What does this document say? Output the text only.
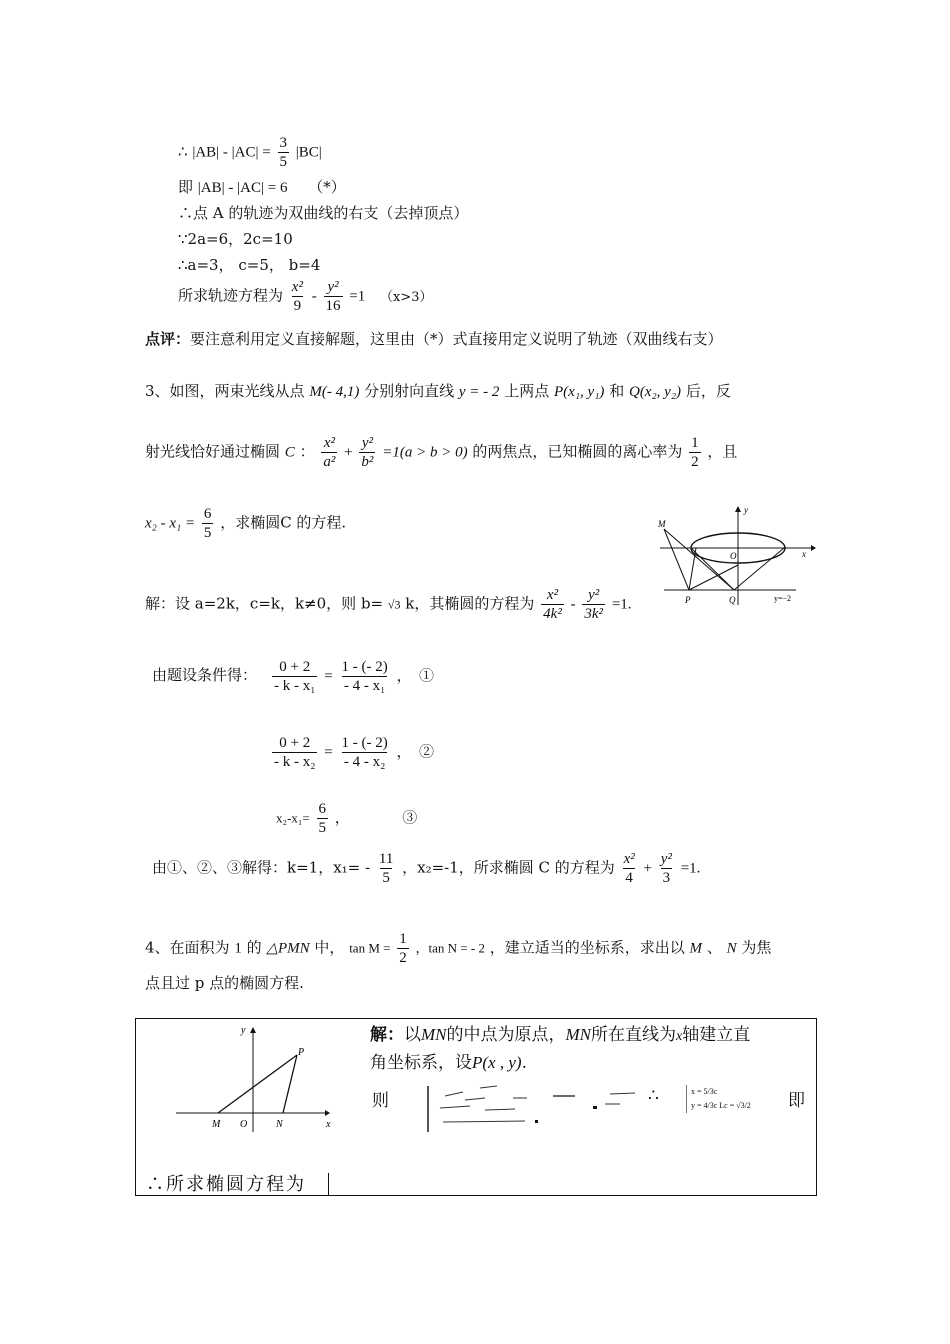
∴ $|AB| - |AC| = \frac{3}{5} |BC|$
即 |AB| - |AC| = 6 （*）
∴点 A 的轨迹为双曲线的右支（去掉顶点）
∵2a=6，2c=10
∴a=3， c=5， b=4
所求轨迹方程为 $\frac{\text{x²}}{9} - \frac{\text{y²}}{16} =1$ （x>3）
点评：要注意利用定义直接解题，这里由（*）式直接用定义说明了轨迹（双曲线右支）
3、如图，两束光线从点 M(- 4,1) 分别射向直线 y = - 2 上两点 P(x₁, y₁) 和 Q(x₂, y₂) 后，反
射光线恰好通过椭圆 C ： $\frac{\text{x²}}{\text{a²}} + \frac{\text{y²}}{\text{b²}} =1(a > b > 0)$ 的两焦点，已知椭圆的离心率为 $\frac{1}{2}$ ，且
$x_2 - x_1 = \frac{6}{5}$ ，求椭圆C 的方程.
解：设 a=2k，c=k，k≠0，则 b= √3 k，其椭圆的方程为 $\frac{\text{x²}}{\text{4k²}} - \frac{\text{y²}}{\text{3k²}} =1$.
M
y
x
O
P	Q	y=−2
由题设条件得： $\frac{0 + 2}{\text{- k - x₁}} = \frac{1 - (- 2)}{\text{- 4 - x₁}}$ ，　①
$\frac{0 + 2}{\text{- k - x₂}} = \frac{1 - (- 2)}{\text{- 4 - x₂}}$ ，　②
$x_2-x_1= \frac{6}{5}$ ，　　　　③
由①、②、③解得：k=1，$x_1= - \frac{11}{5}$ ，x₂=-1，所求椭圆 C 的方程为 $\frac{\text{x²}}{4} + \frac{\text{y²}}{3} =1$.
4、在面积为 1 的 △PMN 中， $\tan M = \frac{1}{2}$ ，tan N = - 2 ，建立适当的坐标系，求出以 M 、 N 为焦
点且过 p 点的椭圆方程.
y
x
P
M O	N
解：以MN的中点为原点，MN所在直线为x轴建立直
角坐标系，设P(x , y).
则	∴	x = 5/3c
y = 4/3c Lc = √3/2 即
∴所求椭圆方程为
